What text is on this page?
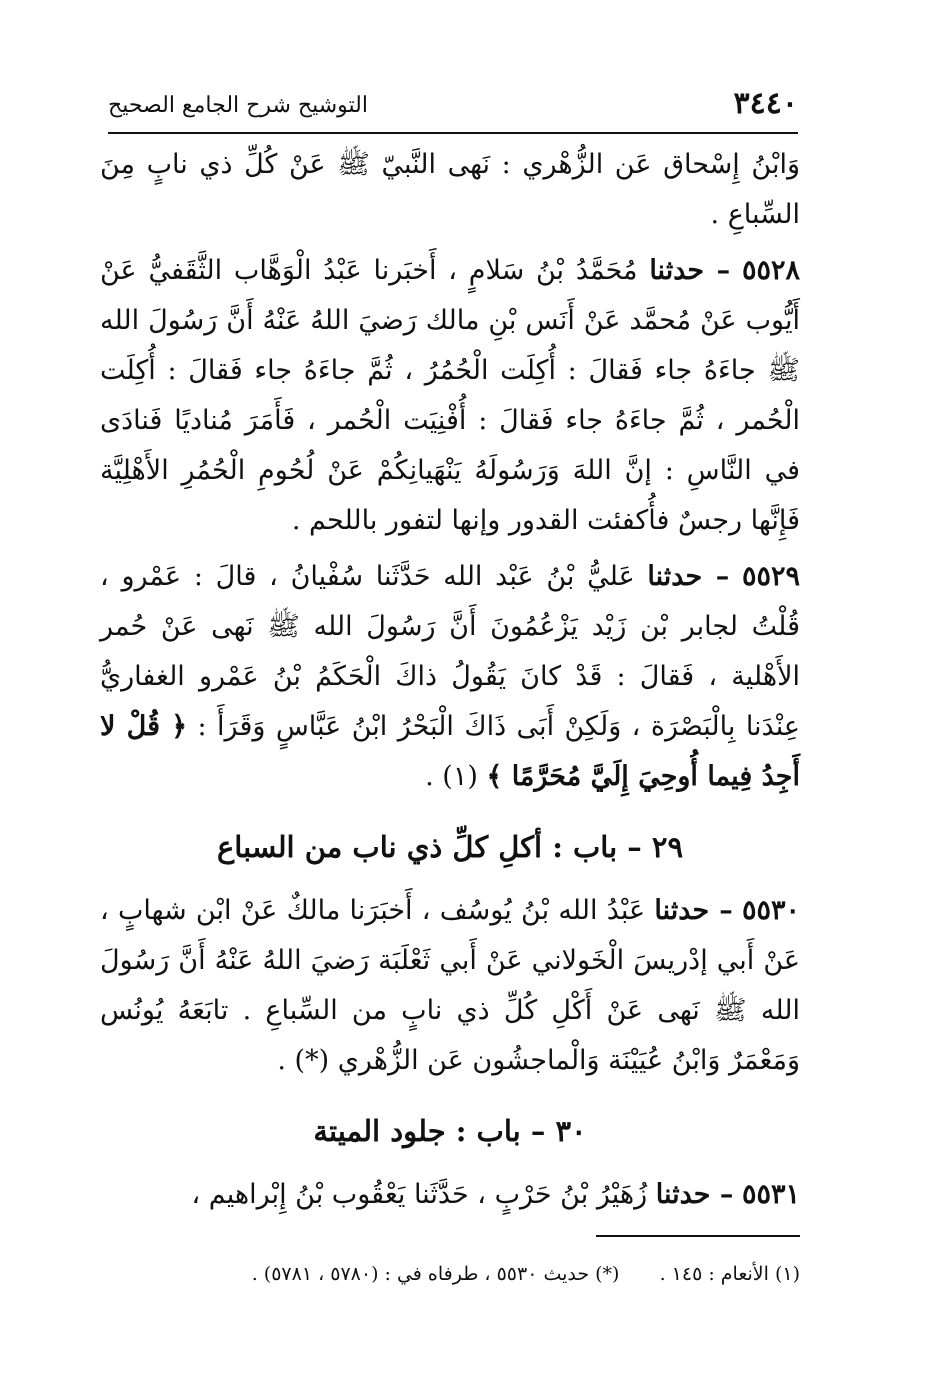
٣٤٤٠
التوشيح شرح الجامع الصحيح

وَابْنُ إِسْحاق عَن الزُّهْري : نَهى النَّبيّ ﷺ عَنْ كُلِّ ذي نابٍ مِنَ السِّباعِ .

٥٥٢٨ – حدثنا مُحَمَّدُ بْنُ سَلامٍ ، أَخبَرنا عَبْدُ الْوَهَّاب الثَّقَفيُّ عَنْ أَيُّوب عَنْ مُحمَّد عَنْ أَنَس بْنِ مالك رَضيَ اللهُ عَنْهُ أَنَّ رَسُولَ الله ﷺ جاءَهُ جاء فَقالَ : أُكِلَت الْحُمُرُ ، ثُمَّ جاءَهُ جاء فَقالَ : أُكِلَت الْحُمر ، ثُمَّ جاءَهُ جاء فَقالَ : أُفْنِيَت الْحُمر ، فَأَمَرَ مُناديًا فَنادَى في النَّاسِ : إنَّ اللهَ وَرَسُولَهُ يَنْهَيانِكُمْ عَنْ لُحُومِ الْحُمُرِ الأَهْلِيَّة فَإِنَّها رجسٌ فأُكفئت القدور وإنها لتفور باللحم .

٥٥٢٩ – حدثنا عَليُّ بْنُ عَبْد الله حَدَّثَنا سُفْيانُ ، قالَ : عَمْرو ، قُلْتُ لجابر بْن زَيْد يَزْعُمُونَ أَنَّ رَسُولَ الله ﷺ نَهى عَنْ حُمر الأَهْلية ، فَقالَ : قَدْ كانَ يَقُولُ ذاكَ الْحَكَمُ بْنُ عَمْرو الغفاريُّ عِنْدَنا بِالْبَصْرَة ، وَلَكِنْ أَبَى ذَاكَ الْبَحْرُ ابْنُ عَبَّاسٍ وَقَرَأَ : ﴿ قُلْ لا أَجِدُ فِيما أُوحِيَ إِلَيَّ مُحَرَّمًا ﴾ (١) .

٢٩ – باب : أكلِ كلِّ ذي ناب من السباع

٥٥٣٠ – حدثنا عَبْدُ الله بْنُ يُوسُف ، أَخبَرَنا مالكٌ عَنْ ابْن شهابٍ ، عَنْ أَبي إدْريسَ الْخَولاني عَنْ أَبي ثَعْلَبَة رَضيَ اللهُ عَنْهُ أَنَّ رَسُولَ الله ﷺ نَهى عَنْ أَكْلِ كُلِّ ذي نابٍ من السِّباعِ . تابَعَهُ يُونُس وَمَعْمَرٌ وَابْنُ عُيَيْنَة وَالْماجشُون عَن الزُّهْري (*) .

٣٠ – باب : جلود الميتة

٥٥٣١ – حدثنا زُهَيْرُ بْنُ حَرْبٍ ، حَدَّثَنا يَعْقُوب بْنُ إِبْراهيم ،

(١) الأنعام : ١٤٥ .  (*) حديث ٥٥٣٠ ، طرفاه في : (٥٧٨٠ ، ٥٧٨١) .
